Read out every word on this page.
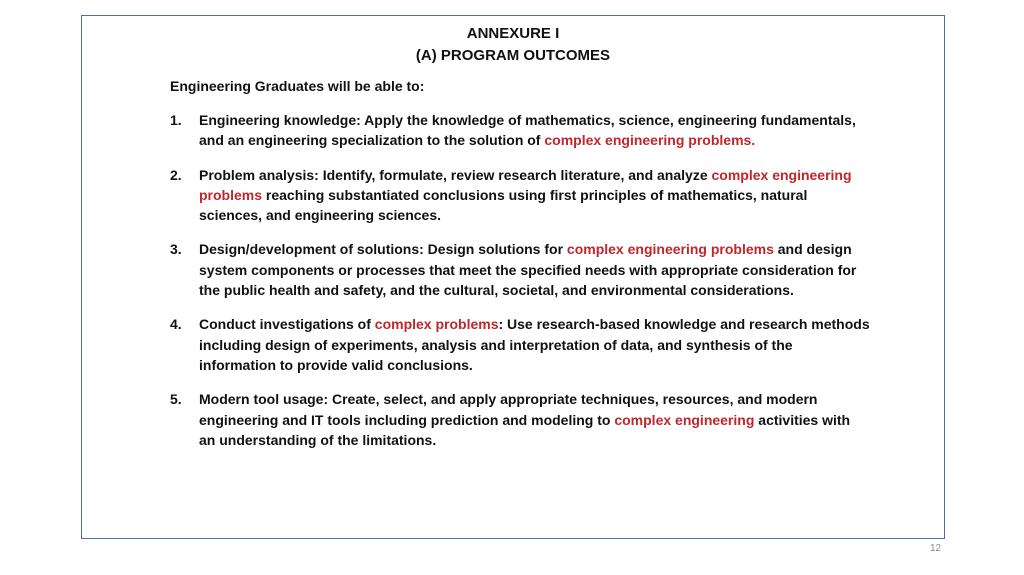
ANNEXURE I
(A) PROGRAM OUTCOMES
Engineering Graduates will be able to:
1. Engineering knowledge: Apply the knowledge of mathematics, science, engineering fundamentals, and an engineering specialization to the solution of complex engineering problems.
2. Problem analysis: Identify, formulate, review research literature, and analyze complex engineering problems reaching substantiated conclusions using first principles of mathematics, natural sciences, and engineering sciences.
3. Design/development of solutions: Design solutions for complex engineering problems and design system components or processes that meet the specified needs with appropriate consideration for the public health and safety, and the cultural, societal, and environmental considerations.
4. Conduct investigations of complex problems: Use research-based knowledge and research methods including design of experiments, analysis and interpretation of data, and synthesis of the information to provide valid conclusions.
5. Modern tool usage: Create, select, and apply appropriate techniques, resources, and modern engineering and IT tools including prediction and modeling to complex engineering activities with an understanding of the limitations.
12
